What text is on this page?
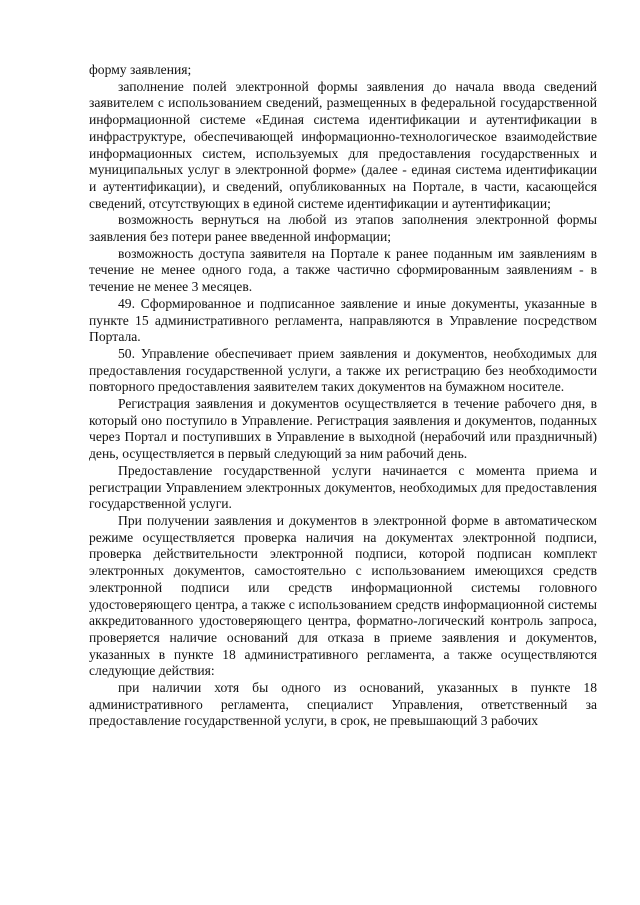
форму заявления;

заполнение полей электронной формы заявления до начала ввода сведений заявителем с использованием сведений, размещенных в федеральной государственной информационной системе «Единая система идентификации и аутентификации в инфраструктуре, обеспечивающей информационно-технологическое взаимодействие информационных систем, используемых для предоставления государственных и муниципальных услуг в электронной форме» (далее - единая система идентификации и аутентификации), и сведений, опубликованных на Портале, в части, касающейся сведений, отсутствующих в единой системе идентификации и аутентификации;

возможность вернуться на любой из этапов заполнения электронной формы заявления без потери ранее введенной информации;

возможность доступа заявителя на Портале к ранее поданным им заявлениям в течение не менее одного года, а также частично сформированным заявлениям - в течение не менее 3 месяцев.

49. Сформированное и подписанное заявление и иные документы, указанные в пункте 15 административного регламента, направляются в Управление посредством Портала.

50. Управление обеспечивает прием заявления и документов, необходимых для предоставления государственной услуги, а также их регистрацию без необходимости повторного предоставления заявителем таких документов на бумажном носителе.

Регистрация заявления и документов осуществляется в течение рабочего дня, в который оно поступило в Управление. Регистрация заявления и документов, поданных через Портал и поступивших в Управление в выходной (нерабочий или праздничный) день, осуществляется в первый следующий за ним рабочий день.

Предоставление государственной услуги начинается с момента приема и регистрации Управлением электронных документов, необходимых для предоставления государственной услуги.

При получении заявления и документов в электронной форме в автоматическом режиме осуществляется проверка наличия на документах электронной подписи, проверка действительности электронной подписи, которой подписан комплект электронных документов, самостоятельно с использованием имеющихся средств электронной подписи или средств информационной системы головного удостоверяющего центра, а также с использованием средств информационной системы аккредитованного удостоверяющего центра, форматно-логический контроль запроса, проверяется наличие оснований для отказа в приеме заявления и документов, указанных в пункте 18 административного регламента, а также осуществляются следующие действия:

при наличии хотя бы одного из оснований, указанных в пункте 18 административного регламента, специалист Управления, ответственный за предоставление государственной услуги, в срок, не превышающий 3 рабочих
